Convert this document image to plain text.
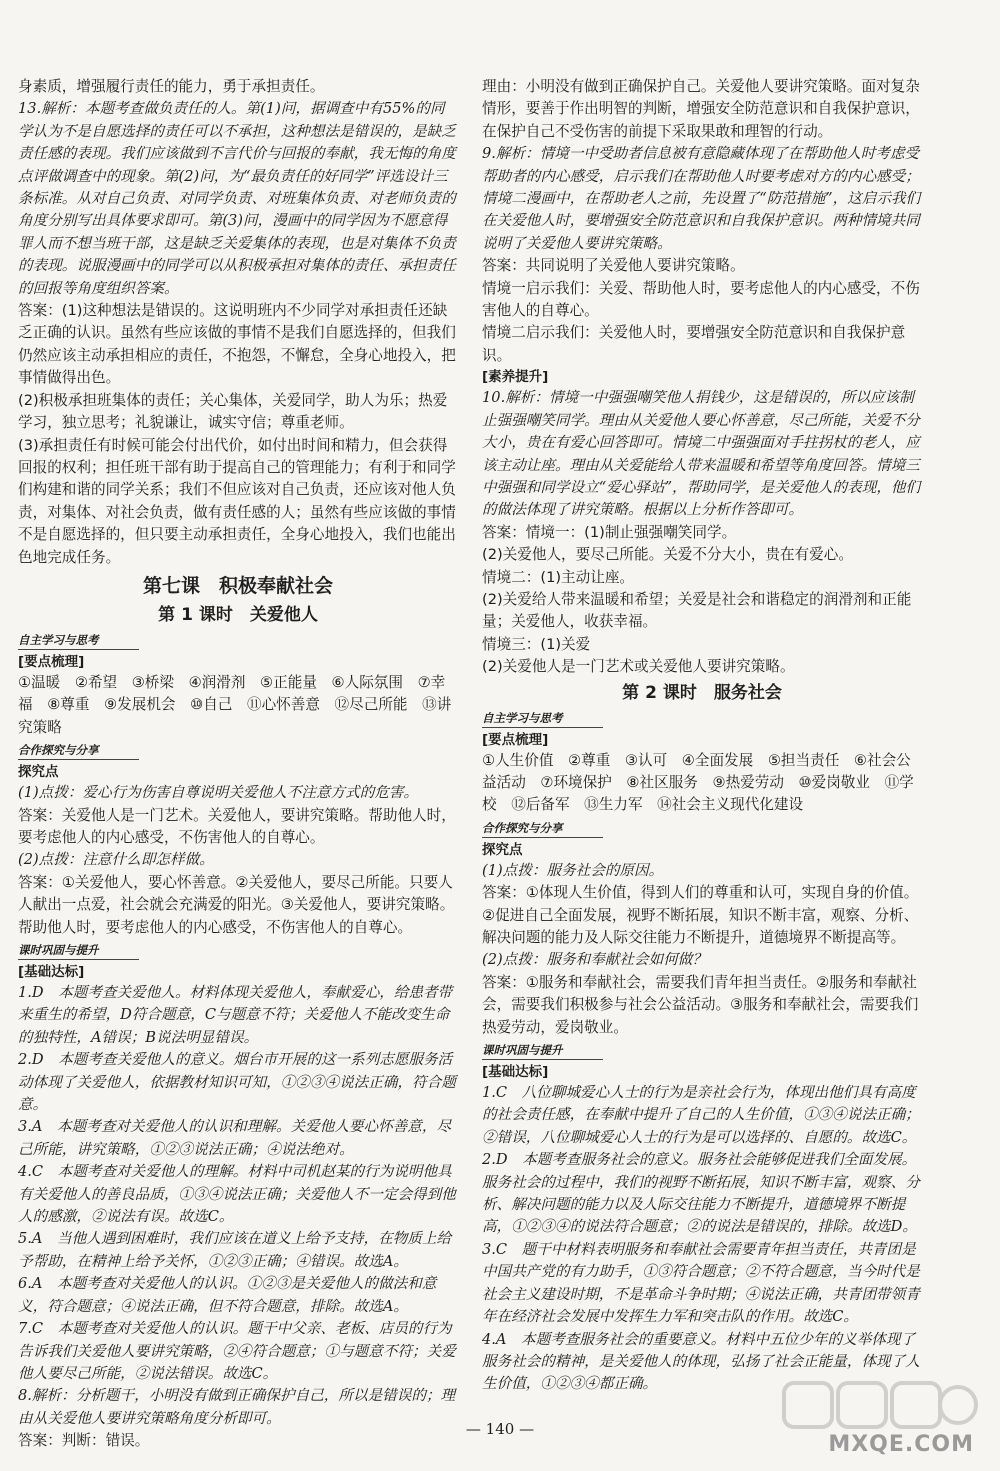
身素质，增强履行责任的能力，勇于承担责任。

13.解析：本题考查做负责任的人。第(1)问，据调查中有55%的同学认为不是自愿选择的责任可以不承担，这种想法是错误的，是缺乏责任感的表现。我们应该做到不言代价与回报的奉献，我无悔的角度点评做调查中的现象。第(2)问，为“最负责任的好同学”评选设计三条标准。从对自己负责、对同学负责、对班集体负责、对老师负责的角度分别写出具体要求即可。第(3)问，漫画中的同学因为不愿意得罪人而不想当班干部，这是缺乏关爱集体的表现，也是对集体不负责的表现。说服漫画中的同学可以从积极承担对集体的责任、承担责任的回报等角度组织答案。

答案：(1)这种想法是错误的。这说明班内不少同学对承担责任还缺乏正确的认识。虽然有些应该做的事情不是我们自愿选择的，但我们仍然应该主动承担相应的责任，不抱怨，不懈怠，全身心地投入，把事情做得出色。

(2)积极承担班集体的责任；关心集体，关爱同学，助人为乐；热爱学习，独立思考；礼貌谦让，诚实守信；尊重老师。

(3)承担责任有时候可能会付出代价，如付出时间和精力，但会获得回报的权利；担任班干部有助于提高自己的管理能力；有利于和同学们构建和谐的同学关系；我们不但应该对自己负责，还应该对他人负责，对集体、对社会负责，做有责任感的人；虽然有些应该做的事情不是自愿选择的，但只要主动承担责任，全身心地投入，我们也能出色地完成任务。

第七课　积极奉献社会
第 1 课时　关爱他人
自主学习与思考
[要点梳理]

①温暖　②希望　③桥梁　④润滑剂　⑤正能量　⑥人际氛围　⑦幸福　⑧尊重　⑨发展机会　⑩自己　⑪心怀善意　⑫尽己所能　⑬讲究策略

合作探究与分享
探究点

(1)点拨：爱心行为伤害自尊说明关爱他人不注意方式的危害。

答案：关爱他人是一门艺术。关爱他人，要讲究策略。帮助他人时，要考虑他人的内心感受，不伤害他人的自尊心。

(2)点拨：注意什么即怎样做。

答案：①关爱他人，要心怀善意。②关爱他人，要尽己所能。只要人人献出一点爱，社会就会充满爱的阳光。③关爱他人，要讲究策略。帮助他人时，要考虑他人的内心感受，不伤害他人的自尊心。

课时巩固与提升
[基础达标]

1.D　本题考查关爱他人。材料体现关爱他人，奉献爱心，给患者带来重生的希望，D符合题意，C与题意不符；关爱他人不能改变生命的独特性，A错误；B说法明显错误。

2.D　本题考查关爱他人的意义。烟台市开展的这一系列志愿服务活动体现了关爱他人，依据教材知识可知，①②③④说法正确，符合题意。

3.A　本题考查对关爱他人的认识和理解。关爱他人要心怀善意，尽己所能，讲究策略，①②③说法正确；④说法绝对。

4.C　本题考查对关爱他人的理解。材料中司机赵某的行为说明他具有关爱他人的善良品质，①③④说法正确；关爱他人不一定会得到他人的感激，②说法有误。故选C。

5.A　当他人遇到困难时，我们应该在道义上给予支持，在物质上给予帮助，在精神上给予关怀，①②③正确；④错误。故选A。

6.A　本题考查对关爱他人的认识。①②③是关爱他人的做法和意义，符合题意；④说法正确，但不符合题意，排除。故选A。

7.C　本题考查对关爱他人的认识。题干中父亲、老板、店员的行为告诉我们关爱他人要讲究策略，②④符合题意；①与题意不符；关爱他人要尽己所能，②说法错误。故选C。

8.解析：分析题干，小明没有做到正确保护自己，所以是错误的；理由从关爱他人要讲究策略角度分析即可。

答案：判断：错误。

理由：小明没有做到正确保护自己。关爱他人要讲究策略。面对复杂情形，要善于作出明智的判断，增强安全防范意识和自我保护意识，在保护自己不受伤害的前提下采取果敢和理智的行动。

9.解析：情境一中受助者信息被有意隐藏体现了在帮助他人时考虑受帮助者的内心感受，启示我们在帮助他人时要考虑对方的内心感受；情境二漫画中，在帮助老人之前，先设置了“防范措施”，这启示我们在关爱他人时，要增强安全防范意识和自我保护意识。两种情境共同说明了关爱他人要讲究策略。

答案：共同说明了关爱他人要讲究策略。

情境一启示我们：关爱、帮助他人时，要考虑他人的内心感受，不伤害他人的自尊心。

情境二启示我们：关爱他人时，要增强安全防范意识和自我保护意识。

[素养提升]

10.解析：情境一中强强嘲笑他人捐钱少，这是错误的，所以应该制止强强嘲笑同学。理由从关爱他人要心怀善意，尽己所能，关爱不分大小，贵在有爱心回答即可。情境二中强强面对手拄拐杖的老人，应该主动让座。理由从关爱能给人带来温暖和希望等角度回答。情境三中强强和同学设立“爱心驿站”，帮助同学，是关爱他人的表现，他们的做法体现了讲究策略。根据以上分析作答即可。

答案：情境一：(1)制止强强嘲笑同学。

(2)关爱他人，要尽己所能。关爱不分大小，贵在有爱心。

情境二：(1)主动让座。

(2)关爱给人带来温暖和希望；关爱是社会和谐稳定的润滑剂和正能量；关爱他人，收获幸福。

情境三：(1)关爱

(2)关爱他人是一门艺术或关爱他人要讲究策略。

第 2 课时　服务社会
自主学习与思考
[要点梳理]

①人生价值　②尊重　③认可　④全面发展　⑤担当责任　⑥社会公益活动　⑦环境保护　⑧社区服务　⑨热爱劳动　⑩爱岗敬业　⑪学校　⑫后备军　⑬生力军　⑭社会主义现代化建设

合作探究与分享
探究点

(1)点拨：服务社会的原因。

答案：①体现人生价值，得到人们的尊重和认可，实现自身的价值。②促进自己全面发展，视野不断拓展，知识不断丰富，观察、分析、解决问题的能力及人际交往能力不断提升，道德境界不断提高等。

(2)点拨：服务和奉献社会如何做？

答案：①服务和奉献社会，需要我们青年担当责任。②服务和奉献社会，需要我们积极参与社会公益活动。③服务和奉献社会，需要我们热爱劳动，爱岗敬业。

课时巩固与提升
[基础达标]

1.C　八位聊城爱心人士的行为是亲社会行为，体现出他们具有高度的社会责任感，在奉献中提升了自己的人生价值，①③④说法正确；②错误，八位聊城爱心人士的行为是可以选择的、自愿的。故选C。

2.D　本题考查服务社会的意义。服务社会能够促进我们全面发展。服务社会的过程中，我们的视野不断拓展，知识不断丰富，观察、分析、解决问题的能力以及人际交往能力不断提升，道德境界不断提高，①②③④的说法符合题意；②的说法是错误的，排除。故选D。

3.C　题干中材料表明服务和奉献社会需要青年担当责任，共青团是中国共产党的有力助手，①③符合题意；②不符合题意，当今时代是社会主义建设时期，不是革命斗争时期；④说法正确，共青团带领青年在经济社会发展中发挥生力军和突击队的作用。故选C。

4.A　本题考查服务社会的重要意义。材料中五位少年的义举体现了服务社会的精神，是关爱他人的体现，弘扬了社会正能量，体现了人生价值，①②③④都正确。

— 140 —
MXQE.COM
